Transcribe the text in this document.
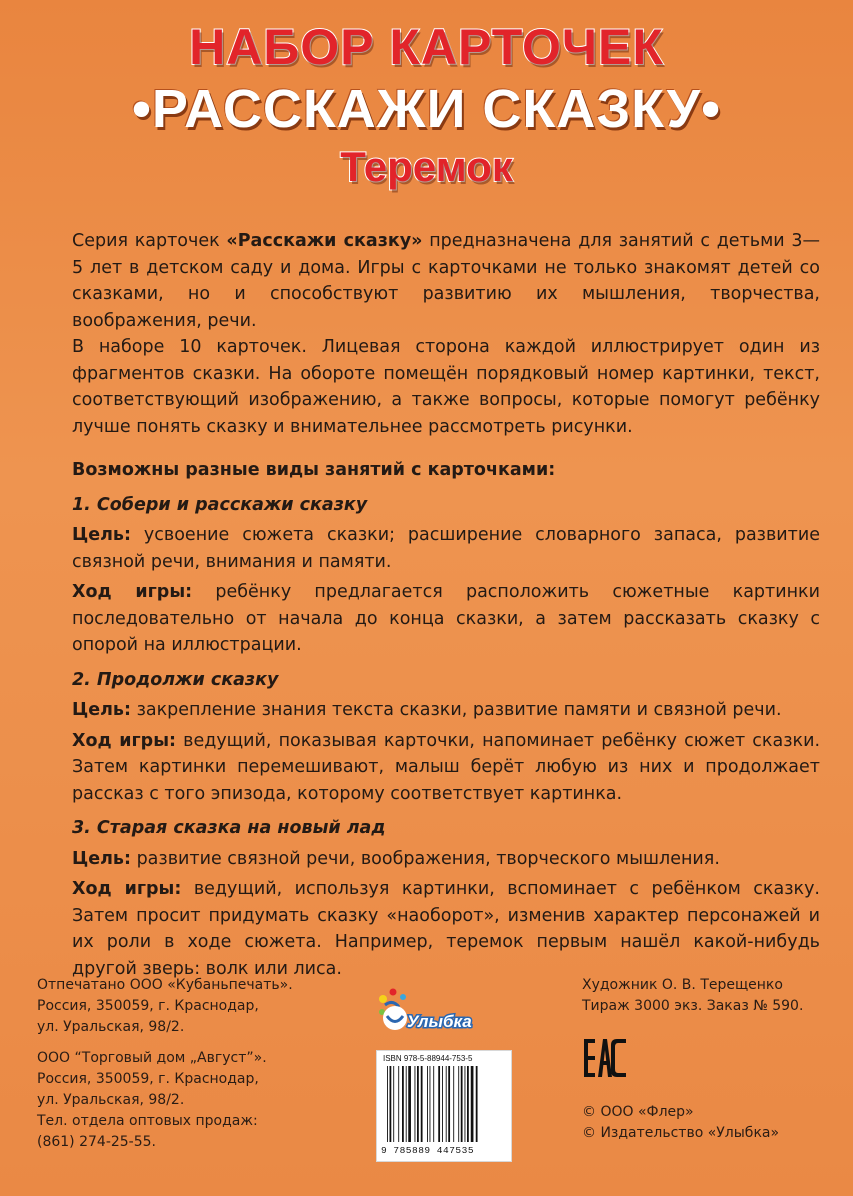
НАБОР КАРТОЧЕК
•РАССКАЖИ СКАЗКУ•
Теремок

Серия карточек «Расскажи сказку» предназначена для занятий с детьми 3—5 лет в детском саду и дома. Игры с карточками не только знакомят детей со сказками, но и способствуют развитию их мышления, творчества, воображения, речи.

В наборе 10 карточек. Лицевая сторона каждой иллюстрирует один из фрагментов сказки. На обороте помещён порядковый номер картинки, текст, соответствующий изображению, а также вопросы, которые помогут ребёнку лучше понять сказку и внимательнее рассмотреть рисунки.

Возможны разные виды занятий с карточками:

1. Собери и расскажи сказку

Цель: усвоение сюжета сказки; расширение словарного запаса, развитие связной речи, внимания и памяти.

Ход игры: ребёнку предлагается расположить сюжетные картинки последовательно от начала до конца сказки, а затем рассказать сказку с опорой на иллюстрации.

2. Продолжи сказку

Цель: закрепление знания текста сказки, развитие памяти и связной речи.

Ход игры: ведущий, показывая карточки, напоминает ребёнку сюжет сказки. Затем картинки перемешивают, малыш берёт любую из них и продолжает рассказ с того эпизода, которому соответствует картинка.

3. Старая сказка на новый лад

Цель: развитие связной речи, воображения, творческого мышления.

Ход игры: ведущий, используя картинки, вспоминает с ребёнком сказку. Затем просит придумать сказку «наоборот», изменив характер персонажей и их роли в ходе сюжета. Например, теремок первым нашёл какой-нибудь другой зверь: волк или лиса.

Отпечатано ООО «Кубаньпечать».
Россия, 350059, г. Краснодар,
ул. Уральская, 98/2.
ООО “Торговый дом „Август”».
Россия, 350059, г. Краснодар,
ул. Уральская, 98/2.
Тел. отдела оптовых продаж:
(861) 274-25-55.
Улыбка
ISBN 978-5-88944-753-5
9 785889 447535
Художник О. В. Терещенко
Тираж 3000 экз. Заказ № 590.
© ООО «Флер»
© Издательство «Улыбка»
